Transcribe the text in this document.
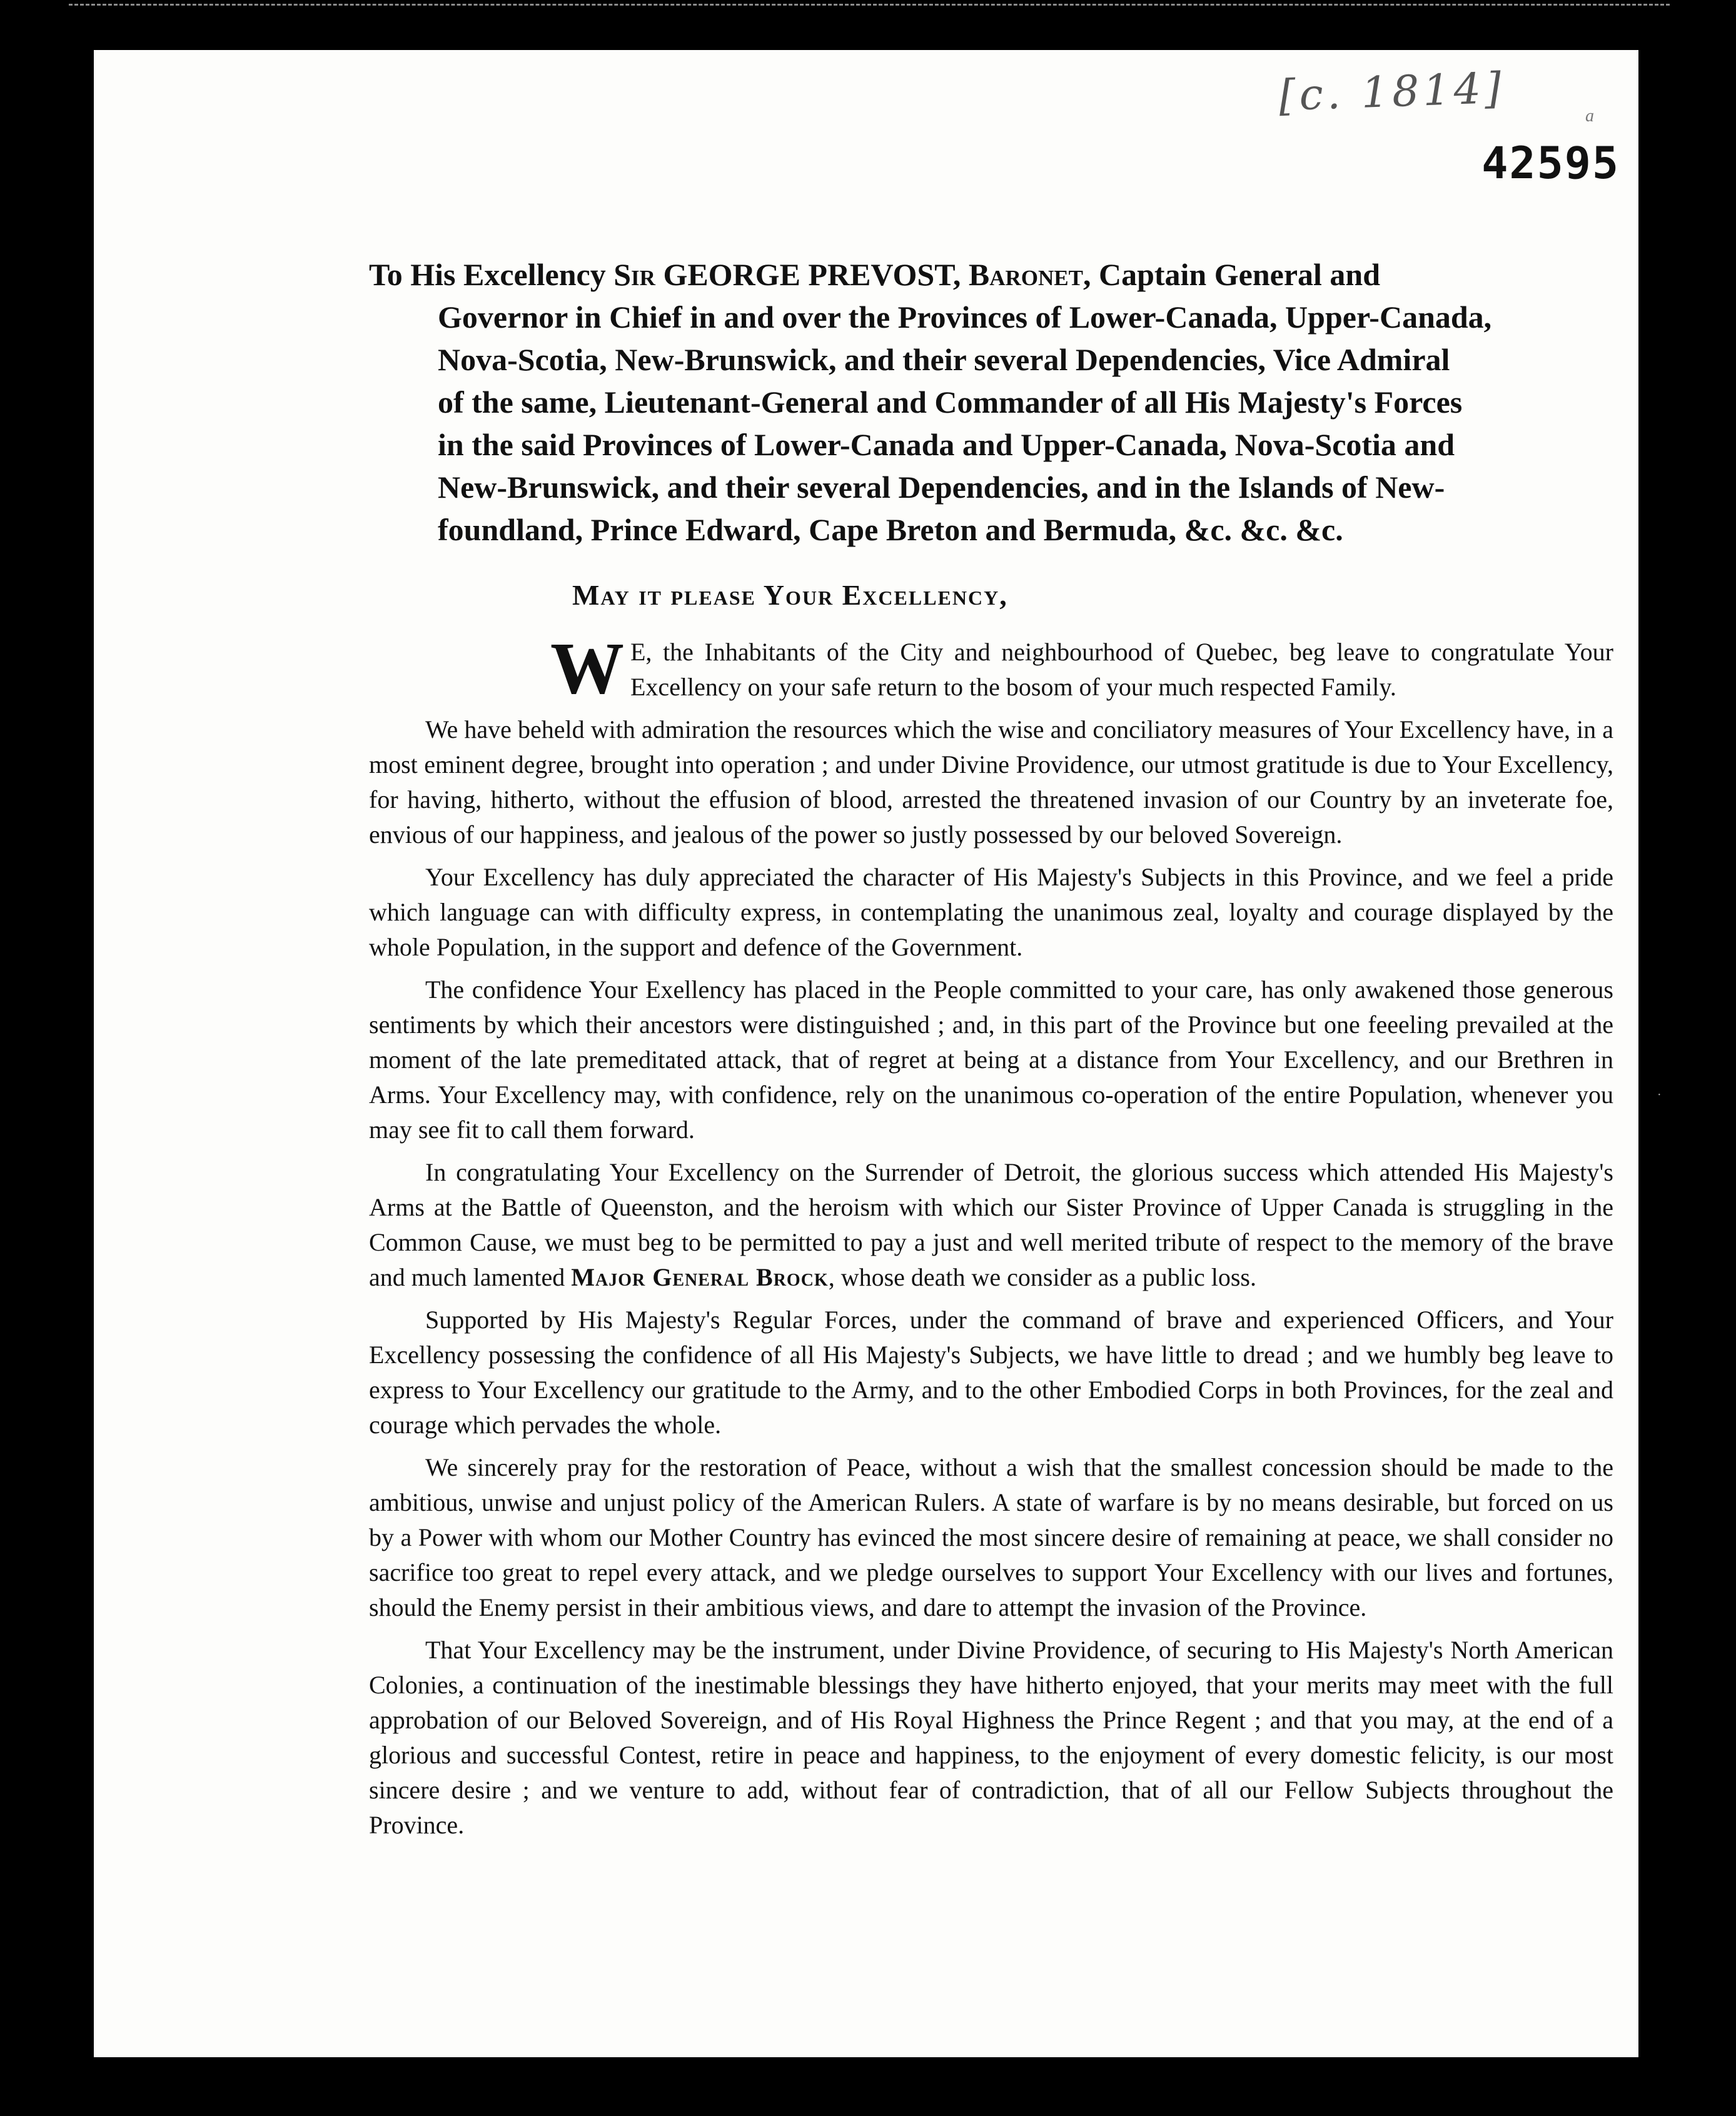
[c. 1814]	a
42595
To His Excellency Sir GEORGE PREVOST, Baronet, Captain General and
Governor in Chief in and over the Provinces of Lower-Canada, Upper-Canada,
Nova-Scotia, New-Brunswick, and their several Dependencies, Vice Admiral
of the same, Lieutenant-General and Commander of all His Majesty's Forces
in the said Provinces of Lower-Canada and Upper-Canada, Nova-Scotia and
New-Brunswick, and their several Dependencies, and in the Islands of New-
foundland, Prince Edward, Cape Breton and Bermuda, &c. &c. &c.
May it please Your Excellency,

W E, the Inhabitants of the City and neighbourhood of Quebec, beg leave to congratulate Your Excellency on your safe return to the bosom of your much respected Family.

We have beheld with admiration the resources which the wise and conciliatory measures of Your Excellency have, in a most eminent degree, brought into operation ; and under Divine Providence, our utmost gratitude is due to Your Excellency, for having, hitherto, without the effusion of blood, arrested the threatened invasion of our Country by an inveterate foe, envious of our happiness, and jealous of the power so justly possessed by our beloved Sovereign.

Your Excellency has duly appreciated the character of His Majesty's Subjects in this Province, and we feel a pride which language can with difficulty express, in contemplating the unanimous zeal, loyalty and courage displayed by the whole Population, in the support and defence of the Government.

The confidence Your Exellency has placed in the People committed to your care, has only awakened those generous sentiments by which their ancestors were distinguished ; and, in this part of the Province but one feeeling prevailed at the moment of the late premeditated attack, that of regret at being at a distance from Your Excellency, and our Brethren in Arms. Your Excellency may, with confidence, rely on the unanimous co-operation of the entire Population, whenever you may see fit to call them forward.

In congratulating Your Excellency on the Surrender of Detroit, the glorious success which attended His Majesty's Arms at the Battle of Queenston, and the heroism with which our Sister Province of Upper Canada is struggling in the Common Cause, we must beg to be permitted to pay a just and well merited tribute of respect to the memory of the brave and much lamented Major General Brock, whose death we consider as a public loss.

Supported by His Majesty's Regular Forces, under the command of brave and experienced Officers, and Your Excellency possessing the confidence of all His Majesty's Subjects, we have little to dread ; and we humbly beg leave to express to Your Excellency our gratitude to the Army, and to the other Embodied Corps in both Provinces, for the zeal and courage which pervades the whole.

We sincerely pray for the restoration of Peace, without a wish that the smallest concession should be made to the ambitious, unwise and unjust policy of the American Rulers. A state of warfare is by no means desirable, but forced on us by a Power with whom our Mother Country has evinced the most sincere desire of remaining at peace, we shall consider no sacrifice too great to repel every attack, and we pledge ourselves to support Your Excellency with our lives and fortunes, should the Enemy persist in their ambitious views, and dare to attempt the invasion of the Province.

That Your Excellency may be the instrument, under Divine Providence, of securing to His Majesty's North American Colonies, a continuation of the inestimable blessings they have hitherto enjoyed, that your merits may meet with the full approbation of our Beloved Sovereign, and of His Royal Highness the Prince Regent ; and that you may, at the end of a glorious and successful Contest, retire in peace and happiness, to the enjoyment of every domestic felicity, is our most sincere desire ; and we venture to add, without fear of contradiction, that of all our Fellow Subjects throughout the Province.

·
